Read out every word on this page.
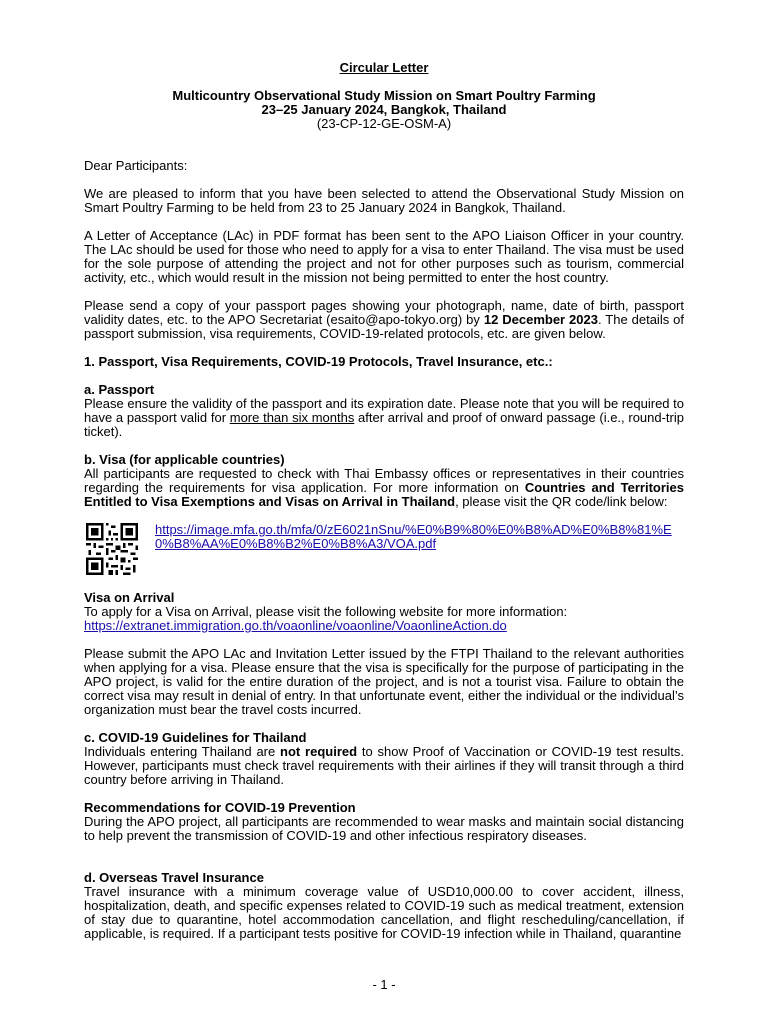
Circular Letter

Multicountry Observational Study Mission on Smart Poultry Farming

23–25 January 2024, Bangkok, Thailand

(23-CP-12-GE-OSM-A)

Dear Participants:

We are pleased to inform that you have been selected to attend the Observational Study Mission on Smart Poultry Farming to be held from 23 to 25 January 2024 in Bangkok, Thailand.

A Letter of Acceptance (LAc) in PDF format has been sent to the APO Liaison Officer in your country. The LAc should be used for those who need to apply for a visa to enter Thailand. The visa must be used for the sole purpose of attending the project and not for other purposes such as tourism, commercial activity, etc., which would result in the mission not being permitted to enter the host country.

Please send a copy of your passport pages showing your photograph, name, date of birth, passport validity dates, etc. to the APO Secretariat (esaito@apo-tokyo.org) by 12 December 2023. The details of passport submission, visa requirements, COVID-19-related protocols, etc. are given below.

1. Passport, Visa Requirements, COVID-19 Protocols, Travel Insurance, etc.:

a. Passport

Please ensure the validity of the passport and its expiration date. Please note that you will be required to have a passport valid for more than six months after arrival and proof of onward passage (i.e., round-trip ticket).

b. Visa (for applicable countries)

All participants are requested to check with Thai Embassy offices or representatives in their countries regarding the requirements for visa application. For more information on Countries and Territories Entitled to Visa Exemptions and Visas on Arrival in Thailand, please visit the QR code/link below:

https://image.mfa.go.th/mfa/0/zE6021nSnu/%E0%B9%80%E0%B8%AD%E0%B8%81%E0%B8%AA%E0%B8%B2%E0%B8%A3/VOA.pdf

Visa on Arrival

To apply for a Visa on Arrival, please visit the following website for more information:

https://extranet.immigration.go.th/voaonline/voaonline/VoaonlineAction.do

Please submit the APO LAc and Invitation Letter issued by the FTPI Thailand to the relevant authorities when applying for a visa. Please ensure that the visa is specifically for the purpose of participating in the APO project, is valid for the entire duration of the project, and is not a tourist visa. Failure to obtain the correct visa may result in denial of entry. In that unfortunate event, either the individual or the individual’s organization must bear the travel costs incurred.

c. COVID-19 Guidelines for Thailand

Individuals entering Thailand are not required to show Proof of Vaccination or COVID-19 test results. However, participants must check travel requirements with their airlines if they will transit through a third country before arriving in Thailand.

Recommendations for COVID-19 Prevention

During the APO project, all participants are recommended to wear masks and maintain social distancing to help prevent the transmission of COVID-19 and other infectious respiratory diseases.

d. Overseas Travel Insurance

Travel insurance with a minimum coverage value of USD10,000.00 to cover accident, illness, hospitalization, death, and specific expenses related to COVID-19 such as medical treatment, extension of stay due to quarantine, hotel accommodation cancellation, and flight rescheduling/cancellation, if applicable, is required. If a participant tests positive for COVID-19 infection while in Thailand, quarantine

- 1 -
